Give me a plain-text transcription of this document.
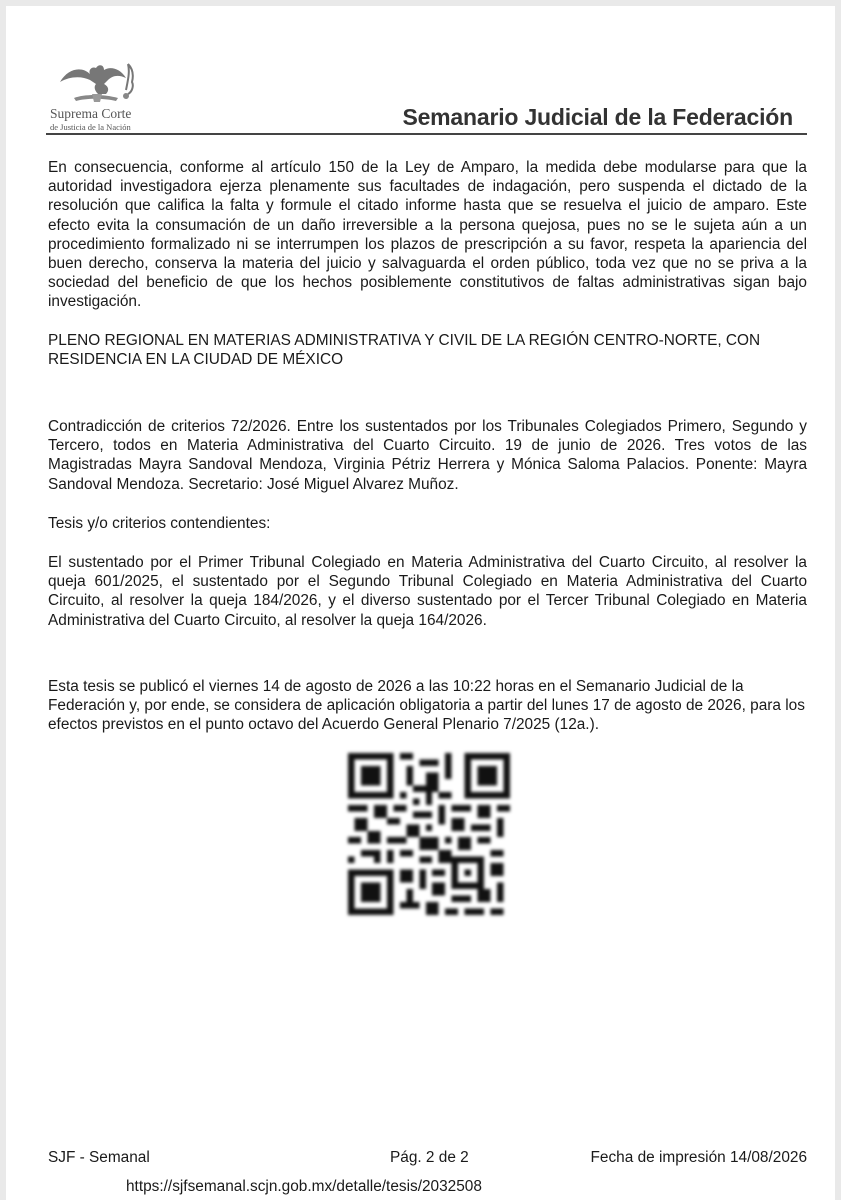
Suprema Corte
de Justicia de la Nación	Semanario Judicial de la Federación

En consecuencia, conforme al artículo 150 de la Ley de Amparo, la medida debe modularse para que la autoridad investigadora ejerza plenamente sus facultades de indagación, pero suspenda el dictado de la resolución que califica la falta y formule el citado informe hasta que se resuelva el juicio de amparo. Este efecto evita la consumación de un daño irreversible a la persona quejosa, pues no se le sujeta aún a un procedimiento formalizado ni se interrumpen los plazos de prescripción a su favor, respeta la apariencia del buen derecho, conserva la materia del juicio y salvaguarda el orden público, toda vez que no se priva a la sociedad del beneficio de que los hechos posiblemente constitutivos de faltas administrativas sigan bajo investigación.

PLENO REGIONAL EN MATERIAS ADMINISTRATIVA Y CIVIL DE LA REGIÓN CENTRO-NORTE, CON RESIDENCIA EN LA CIUDAD DE MÉXICO

Contradicción de criterios 72/2026. Entre los sustentados por los Tribunales Colegiados Primero, Segundo y Tercero, todos en Materia Administrativa del Cuarto Circuito. 19 de junio de 2026. Tres votos de las Magistradas Mayra Sandoval Mendoza, Virginia Pétriz Herrera y Mónica Saloma Palacios. Ponente: Mayra Sandoval Mendoza. Secretario: José Miguel Alvarez Muñoz.

Tesis y/o criterios contendientes:

El sustentado por el Primer Tribunal Colegiado en Materia Administrativa del Cuarto Circuito, al resolver la queja 601/2025, el sustentado por el Segundo Tribunal Colegiado en Materia Administrativa del Cuarto Circuito, al resolver la queja 184/2026, y el diverso sustentado por el Tercer Tribunal Colegiado en Materia Administrativa del Cuarto Circuito, al resolver la queja 164/2026.

Esta tesis se publicó el viernes 14 de agosto de 2026 a las 10:22 horas en el Semanario Judicial de la Federación y, por ende, se considera de aplicación obligatoria a partir del lunes 17 de agosto de 2026, para los efectos previstos en el punto octavo del Acuerdo General Plenario 7/2025 (12a.).

SJF - Semanal	Pág. 2 de 2	Fecha de impresión 14/08/2026
https://sjfsemanal.scjn.gob.mx/detalle/tesis/2032508
